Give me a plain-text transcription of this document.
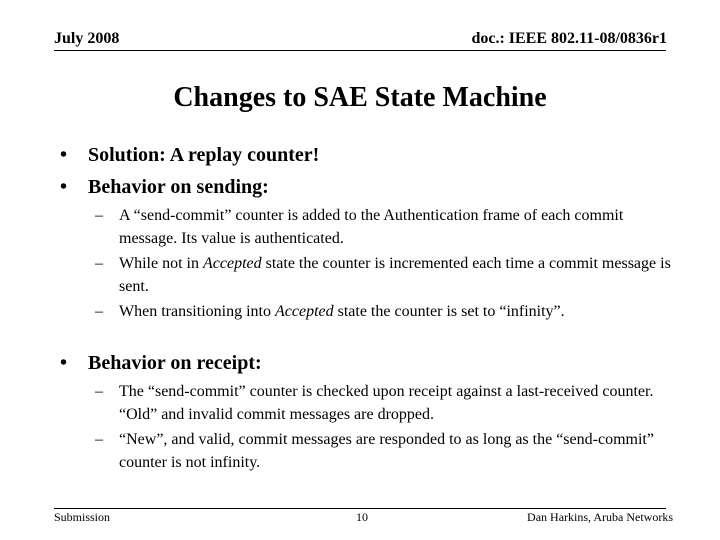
July 2008	doc.: IEEE 802.11-08/0836r1
Changes to SAE State Machine
• Solution: A replay counter!
• Behavior on sending:
– A “send-commit” counter is added to the Authentication frame of each commit message. Its value is authenticated.
– While not in Accepted state the counter is incremented each time a commit message is sent.
– When transitioning into Accepted state the counter is set to “infinity”.
• Behavior on receipt:
– The “send-commit” counter is checked upon receipt against a last-received counter. “Old” and invalid commit messages are dropped.
– “New”, and valid, commit messages are responded to as long as the “send-commit” counter is not infinity.
Submission	10	Dan Harkins, Aruba Networks
